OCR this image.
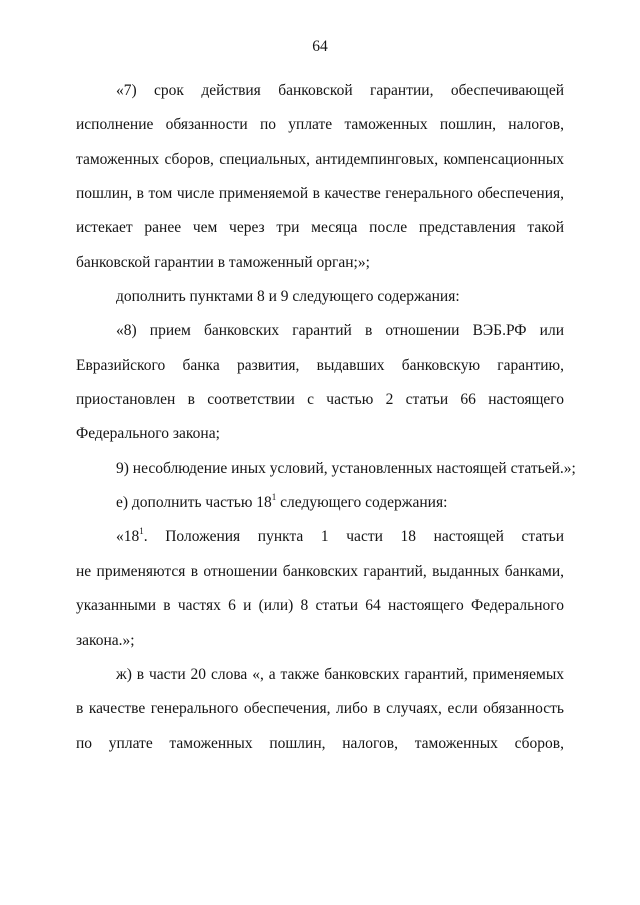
64
«7) срок действия банковской гарантии, обеспечивающей
исполнение обязанности по уплате таможенных пошлин, налогов,
таможенных сборов, специальных, антидемпинговых, компенсационных
пошлин, в том числе применяемой в качестве генерального обеспечения,
истекает ранее чем через три месяца после представления такой
банковской гарантии в таможенный орган;»;
дополнить пунктами 8 и 9 следующего содержания:
«8) прием банковских гарантий в отношении ВЭБ.РФ или
Евразийского банка развития, выдавших банковскую гарантию,
приостановлен в соответствии с частью 2 статьи 66 настоящего
Федерального закона;
9) несоблюдение иных условий, установленных настоящей статьей.»;
е) дополнить частью $18^1$ следующего содержания:
«$18^1$. Положения пункта 1 части 18 настоящей статьи
не применяются в отношении банковских гарантий, выданных банками,
указанными в частях 6 и (или) 8 статьи 64 настоящего Федерального
закона.»;
ж) в части 20 слова «, а также банковских гарантий, применяемых
в качестве генерального обеспечения, либо в случаях, если обязанность
по уплате таможенных пошлин, налогов, таможенных сборов,
